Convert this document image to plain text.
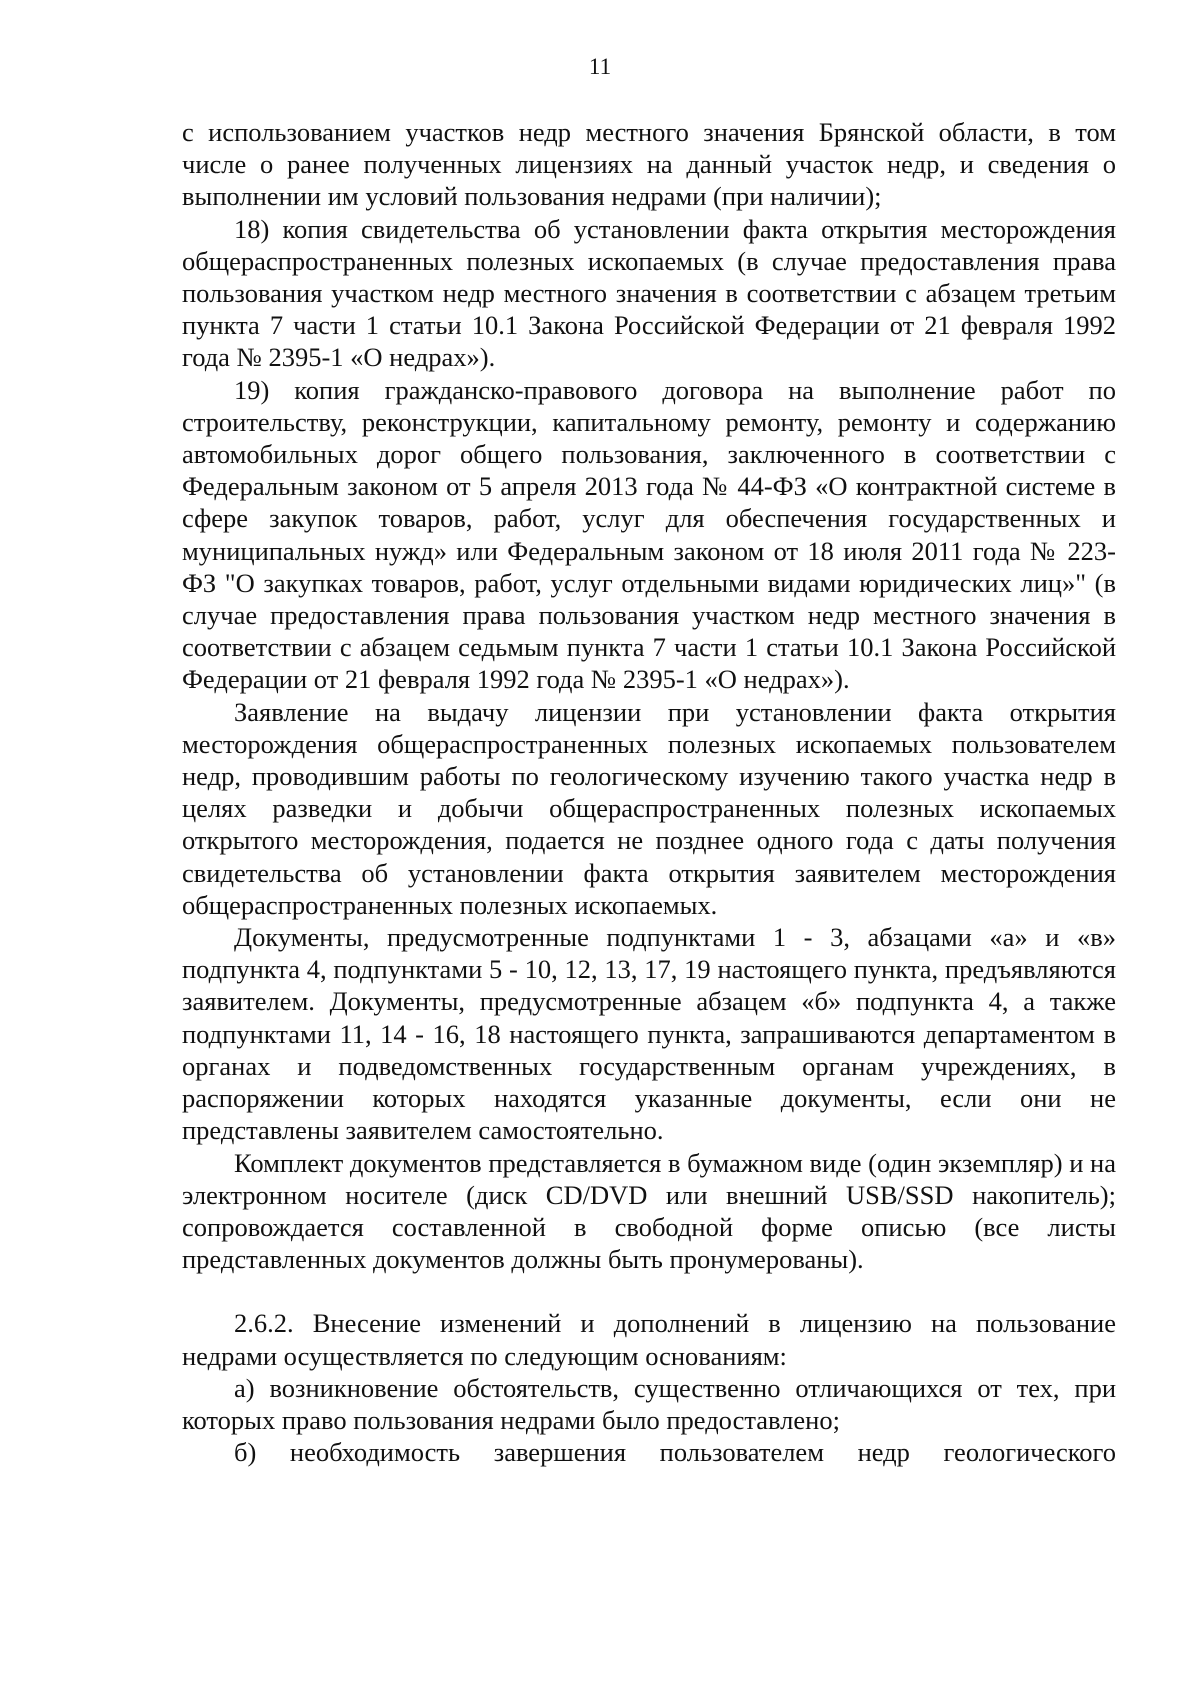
11

с использованием участков недр местного значения Брянской области, в том числе о ранее полученных лицензиях на данный участок недр, и сведения о выполнении им условий пользования недрами (при наличии);

18) копия свидетельства об установлении факта открытия месторождения общераспространенных полезных ископаемых (в случае предоставления права пользования участком недр местного значения в соответствии с абзацем третьим пункта 7 части 1 статьи 10.1 Закона Российской Федерации от 21 февраля 1992 года № 2395-1 «О недрах»).

19) копия гражданско-правового договора на выполнение работ по строительству, реконструкции, капитальному ремонту, ремонту и содержанию автомобильных дорог общего пользования, заключенного в соответствии с Федеральным законом от 5 апреля 2013 года № 44-ФЗ «О контрактной системе в сфере закупок товаров, работ, услуг для обеспечения государственных и муниципальных нужд» или Федеральным законом от 18 июля 2011 года № 223-ФЗ "О закупках товаров, работ, услуг отдельными видами юридических лиц»" (в случае предоставления права пользования участком недр местного значения в соответствии с абзацем седьмым пункта 7 части 1 статьи 10.1 Закона Российской Федерации от 21 февраля 1992 года № 2395-1 «О недрах»).

Заявление на выдачу лицензии при установлении факта открытия месторождения общераспространенных полезных ископаемых пользователем недр, проводившим работы по геологическому изучению такого участка недр в целях разведки и добычи общераспространенных полезных ископаемых открытого месторождения, подается не позднее одного года с даты получения свидетельства об установлении факта открытия заявителем месторождения общераспространенных полезных ископаемых.

Документы, предусмотренные подпунктами 1 - 3, абзацами «а» и «в» подпункта 4, подпунктами 5 - 10, 12, 13, 17, 19 настоящего пункта, предъявляются заявителем. Документы, предусмотренные абзацем «б» подпункта 4, а также подпунктами 11, 14 - 16, 18 настоящего пункта, запрашиваются департаментом в органах и подведомственных государственным органам учреждениях, в распоряжении которых находятся указанные документы, если они не представлены заявителем самостоятельно.

Комплект документов представляется в бумажном виде (один экземпляр) и на электронном носителе (диск CD/DVD или внешний USB/SSD накопитель); сопровождается составленной в свободной форме описью (все листы представленных документов должны быть пронумерованы).

2.6.2. Внесение изменений и дополнений в лицензию на пользование недрами осуществляется по следующим основаниям:

а) возникновение обстоятельств, существенно отличающихся от тех, при которых право пользования недрами было предоставлено;

б) необходимость завершения пользователем недр геологического
